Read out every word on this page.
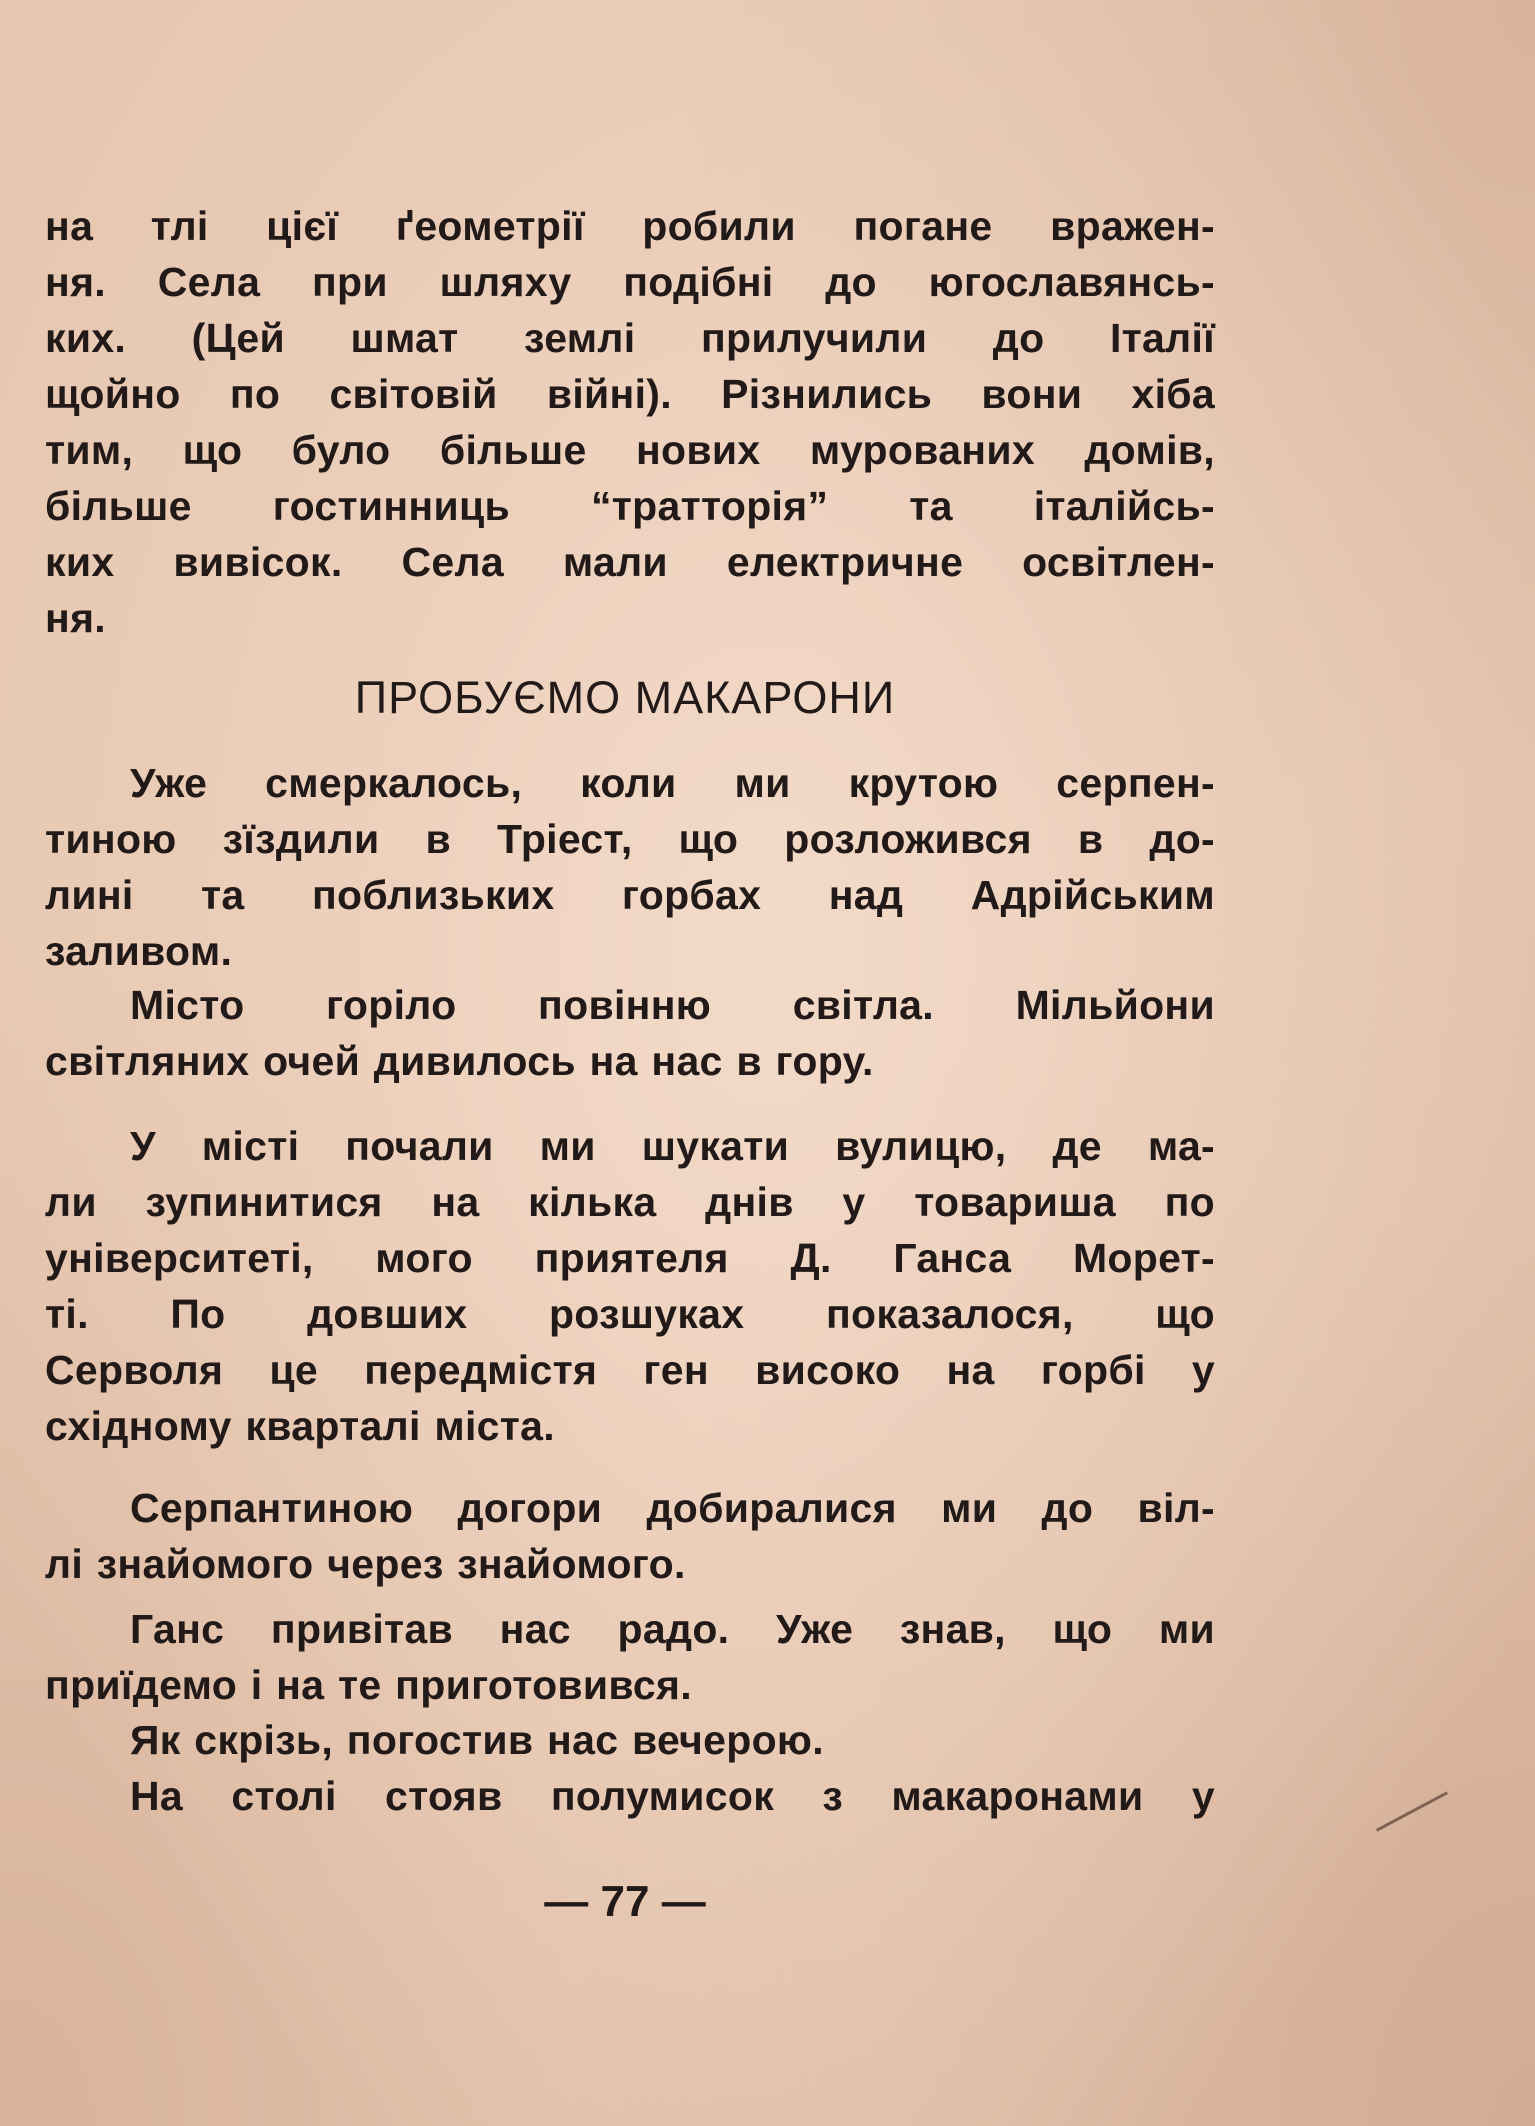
на тлі цієї ґеометрії робили погане вражен-
ня. Села при шляху подібні до югославянсь-
ких. (Цей шмат землі прилучили до Італії
щойно по світовій війні). Різнились вони хіба
тим, що було більше нових мурованих домів,
більше гостинниць “тратторія” та італійсь-
ких вивісок. Села мали електричне освітлен-
ня.
ПРОБУЄМО МАКАРОНИ
Уже смеркалось, коли ми крутою серпен-
тиною зїздили в Тріест, що розложився в до-
лині та поблизьких горбах над Адрійським
заливом.
Місто горіло повінню світла. Мільйони
світляних очей дивилось на нас в гору.
У місті почали ми шукати вулицю, де ма-
ли зупинитися на кілька днів у товариша по
університеті, мого приятеля Д. Ганса Морет-
ті. По довших розшуках показалося, що
Серволя це передмістя ген високо на горбі у
східному кварталі міста.
Серпантиною догори добиралися ми до віл-
лі знайомого через знайомого.
Ганс привітав нас радо. Уже знав, що ми
приїдемо і на те приготовився.
Як скрізь, погостив нас вечерою.
На столі стояв полумисок з макаронами у
— 77 —
